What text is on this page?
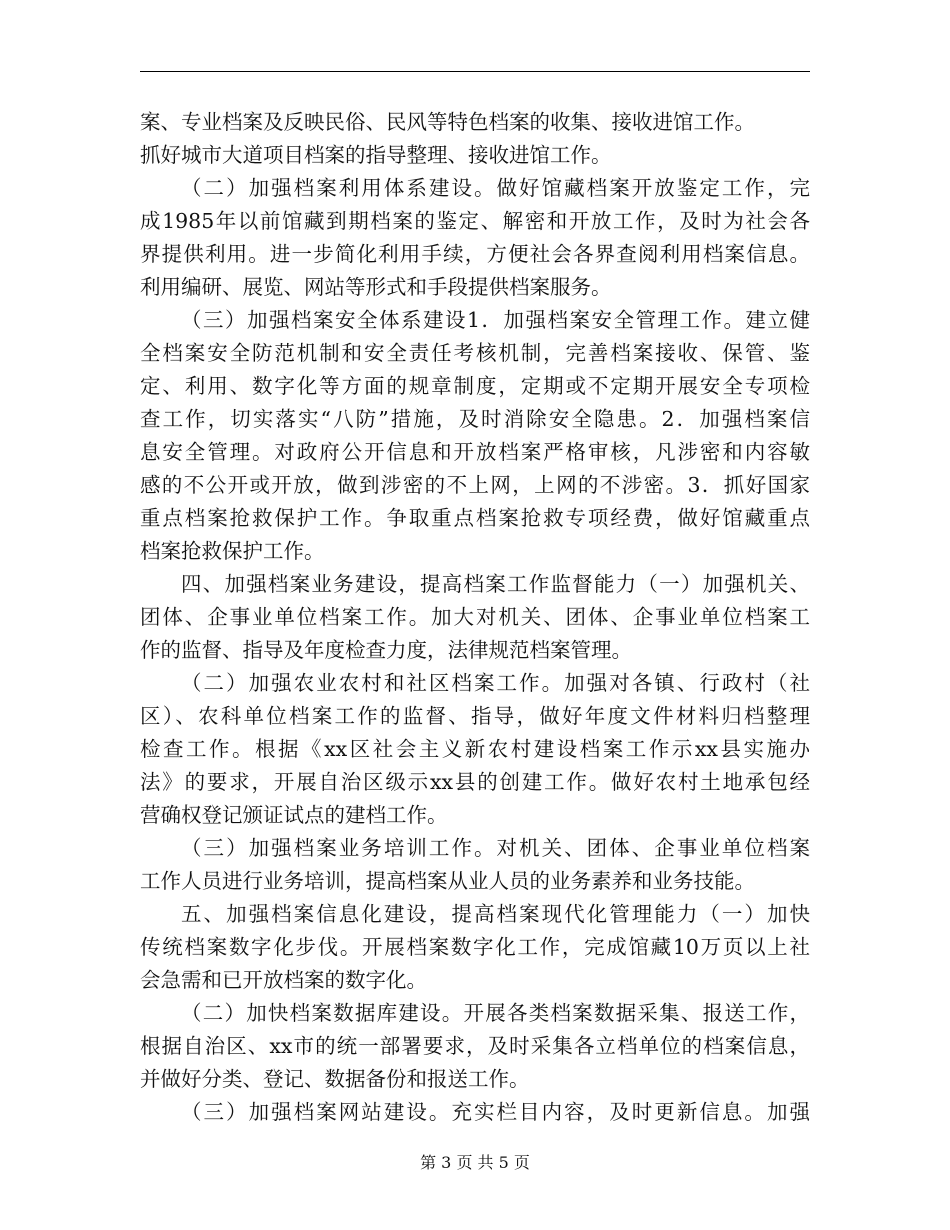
案、专业档案及反映民俗、民风等特色档案的收集、接收进馆工作。
抓好城市大道项目档案的指导整理、接收进馆工作。
（二）加强档案利用体系建设。做好馆藏档案开放鉴定工作，完
成1985年以前馆藏到期档案的鉴定、解密和开放工作，及时为社会各
界提供利用。进一步简化利用手续，方便社会各界查阅利用档案信息。
利用编研、展览、网站等形式和手段提供档案服务。
（三）加强档案安全体系建设1．加强档案安全管理工作。建立健
全档案安全防范机制和安全责任考核机制，完善档案接收、保管、鉴
定、利用、数字化等方面的规章制度，定期或不定期开展安全专项检
查工作，切实落实“八防”措施，及时消除安全隐患。2．加强档案信
息安全管理。对政府公开信息和开放档案严格审核，凡涉密和内容敏
感的不公开或开放，做到涉密的不上网，上网的不涉密。3．抓好国家
重点档案抢救保护工作。争取重点档案抢救专项经费，做好馆藏重点
档案抢救保护工作。
四、加强档案业务建设，提高档案工作监督能力（一）加强机关、
团体、企事业单位档案工作。加大对机关、团体、企事业单位档案工
作的监督、指导及年度检查力度，法律规范档案管理。
（二）加强农业农村和社区档案工作。加强对各镇、行政村（社
区）、农科单位档案工作的监督、指导，做好年度文件材料归档整理
检查工作。根据《xx区社会主义新农村建设档案工作示xx县实施办
法》的要求，开展自治区级示xx县的创建工作。做好农村土地承包经
营确权登记颁证试点的建档工作。
（三）加强档案业务培训工作。对机关、团体、企事业单位档案
工作人员进行业务培训，提高档案从业人员的业务素养和业务技能。
五、加强档案信息化建设，提高档案现代化管理能力（一）加快
传统档案数字化步伐。开展档案数字化工作，完成馆藏10万页以上社
会急需和已开放档案的数字化。
（二）加快档案数据库建设。开展各类档案数据采集、报送工作，
根据自治区、xx市的统一部署要求，及时采集各立档单位的档案信息，
并做好分类、登记、数据备份和报送工作。
（三）加强档案网站建设。充实栏目内容，及时更新信息。加强
第 3 页 共 5 页
